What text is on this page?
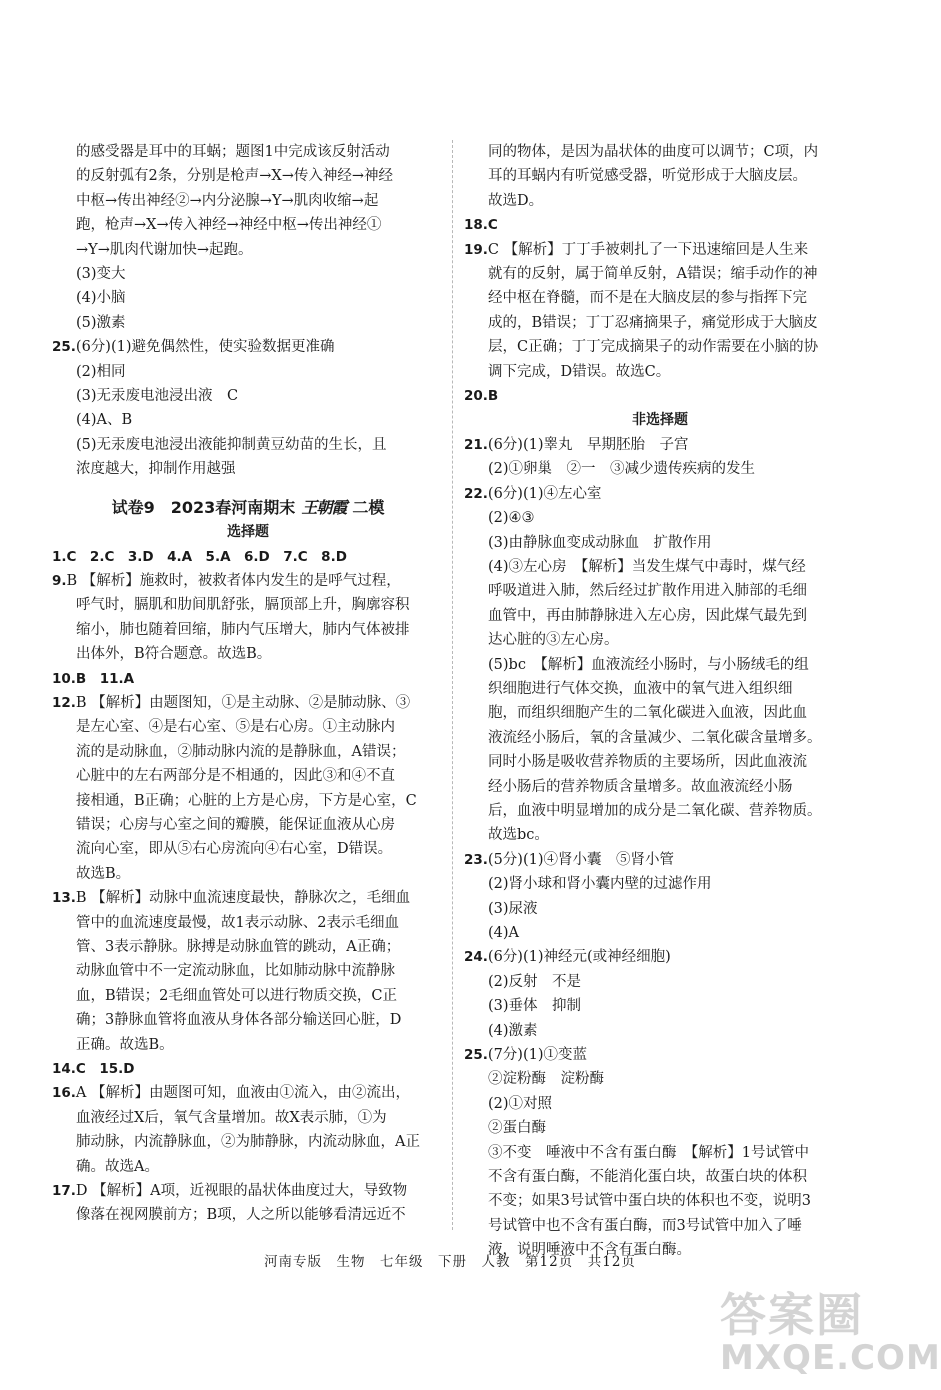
的感受器是耳中的耳蜗；题图1中完成该反射活动

的反射弧有2条，分别是枪声→X→传入神经→神经

中枢→传出神经②→内分泌腺→Y→肌肉收缩→起

跑，枪声→X→传入神经→神经中枢→传出神经①

→Y→肌肉代谢加快→起跑。

(3)变大

(4)小脑

(5)激素

25.(6分)(1)避免偶然性，使实验数据更准确

(2)相同

(3)无汞废电池浸出液　C

(4)A、B

(5)无汞废电池浸出液能抑制黄豆幼苗的生长，且

浓度越大，抑制作用越强

试卷9　2023春河南期末 王朝霞 二模
选择题

1.C　2.C　3.D　4.A　5.A　6.D　7.C　8.D

9.B 【解析】施救时，被救者体内发生的是呼气过程，

呼气时，膈肌和肋间肌舒张，膈顶部上升，胸廓容积

缩小，肺也随着回缩，肺内气压增大，肺内气体被排

出体外，B符合题意。故选B。

10.B　11.A

12.B 【解析】由题图知，①是主动脉、②是肺动脉、③

是左心室、④是右心室、⑤是右心房。①主动脉内

流的是动脉血，②肺动脉内流的是静脉血，A错误；

心脏中的左右两部分是不相通的，因此③和④不直

接相通，B正确；心脏的上方是心房，下方是心室，C

错误；心房与心室之间的瓣膜，能保证血液从心房

流向心室，即从⑤右心房流向④右心室，D错误。

故选B。

13.B 【解析】动脉中血流速度最快，静脉次之，毛细血

管中的血流速度最慢，故1表示动脉、2表示毛细血

管、3表示静脉。脉搏是动脉血管的跳动，A正确；

动脉血管中不一定流动脉血，比如肺动脉中流静脉

血，B错误；2毛细血管处可以进行物质交换，C正

确；3静脉血管将血液从身体各部分输送回心脏，D

正确。故选B。

14.C　15.D

16.A 【解析】由题图可知，血液由①流入，由②流出，

血液经过X后，氧气含量增加。故X表示肺，①为

肺动脉，内流静脉血，②为肺静脉，内流动脉血，A正

确。故选A。

17.D 【解析】A项，近视眼的晶状体曲度过大，导致物

像落在视网膜前方；B项，人之所以能够看清远近不

同的物体，是因为晶状体的曲度可以调节；C项，内

耳的耳蜗内有听觉感受器，听觉形成于大脑皮层。

故选D。

18.C

19.C 【解析】丁丁手被刺扎了一下迅速缩回是人生来

就有的反射，属于简单反射，A错误；缩手动作的神

经中枢在脊髓，而不是在大脑皮层的参与指挥下完

成的，B错误；丁丁忍痛摘果子，痛觉形成于大脑皮

层，C正确；丁丁完成摘果子的动作需要在小脑的协

调下完成，D错误。故选C。

20.B

非选择题

21.(6分)(1)睾丸　早期胚胎　子宫

(2)①卵巢　②一　③减少遗传疾病的发生

22.(6分)(1)④左心室

(2)④③

(3)由静脉血变成动脉血　扩散作用

(4)③左心房　【解析】当发生煤气中毒时，煤气经

呼吸道进入肺，然后经过扩散作用进入肺部的毛细

血管中，再由肺静脉进入左心房，因此煤气最先到

达心脏的③左心房。

(5)bc　【解析】血液流经小肠时，与小肠绒毛的组

织细胞进行气体交换，血液中的氧气进入组织细

胞，而组织细胞产生的二氧化碳进入血液，因此血

液流经小肠后，氧的含量减少、二氧化碳含量增多。

同时小肠是吸收营养物质的主要场所，因此血液流

经小肠后的营养物质含量增多。故血液流经小肠

后，血液中明显增加的成分是二氧化碳、营养物质。

故选bc。

23.(5分)(1)④肾小囊　⑤肾小管

(2)肾小球和肾小囊内壁的过滤作用

(3)尿液

(4)A

24.(6分)(1)神经元(或神经细胞)

(2)反射　不是

(3)垂体　抑制

(4)激素

25.(7分)(1)①变蓝

②淀粉酶　淀粉酶

(2)①对照

②蛋白酶

③不变　唾液中不含有蛋白酶　【解析】1号试管中

不含有蛋白酶，不能消化蛋白块，故蛋白块的体积

不变；如果3号试管中蛋白块的体积也不变，说明3

号试管中也不含有蛋白酶，而3号试管中加入了唾

液，说明唾液中不含有蛋白酶。

河南专版　生物　七年级　下册　人教　第12页　共12页
答案圈
MXQE.COM
